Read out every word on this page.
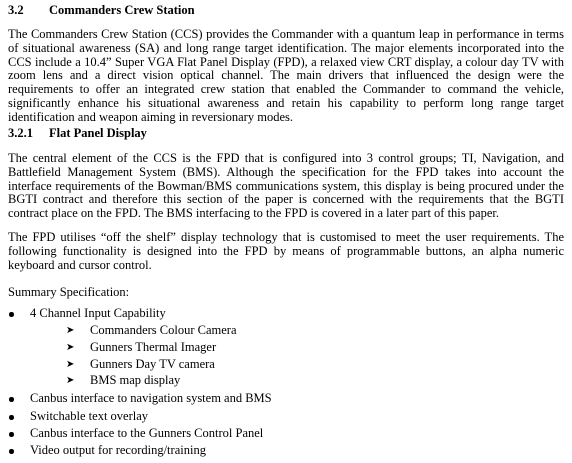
3.2 Commanders Crew Station
The Commanders Crew Station (CCS) provides the Commander with a quantum leap in performance in terms of situational awareness (SA) and long range target identification. The major elements incorporated into the CCS include a 10.4” Super VGA Flat Panel Display (FPD), a relaxed view CRT display, a colour day TV with zoom lens and a direct vision optical channel. The main drivers that influenced the design were the requirements to offer an integrated crew station that enabled the Commander to command the vehicle, significantly enhance his situational awareness and retain his capability to perform long range target identification and weapon aiming in reversionary modes.
3.2.1 Flat Panel Display
The central element of the CCS is the FPD that is configured into 3 control groups; TI, Navigation, and Battlefield Management System (BMS). Although the specification for the FPD takes into account the interface requirements of the Bowman/BMS communications system, this display is being procured under the BGTI contract and therefore this section of the paper is concerned with the requirements that the BGTI contract place on the FPD. The BMS interfacing to the FPD is covered in a later part of this paper.
The FPD utilises “off the shelf” display technology that is customised to meet the user requirements. The following functionality is designed into the FPD by means of programmable buttons, an alpha numeric keyboard and cursor control.
Summary Specification:
4 Channel Input Capability
➤ Commanders Colour Camera
➤ Gunners Thermal Imager
➤ Gunners Day TV camera
➤ BMS map display
Canbus interface to navigation system and BMS
Switchable text overlay
Canbus interface to the Gunners Control Panel
Video output for recording/training
